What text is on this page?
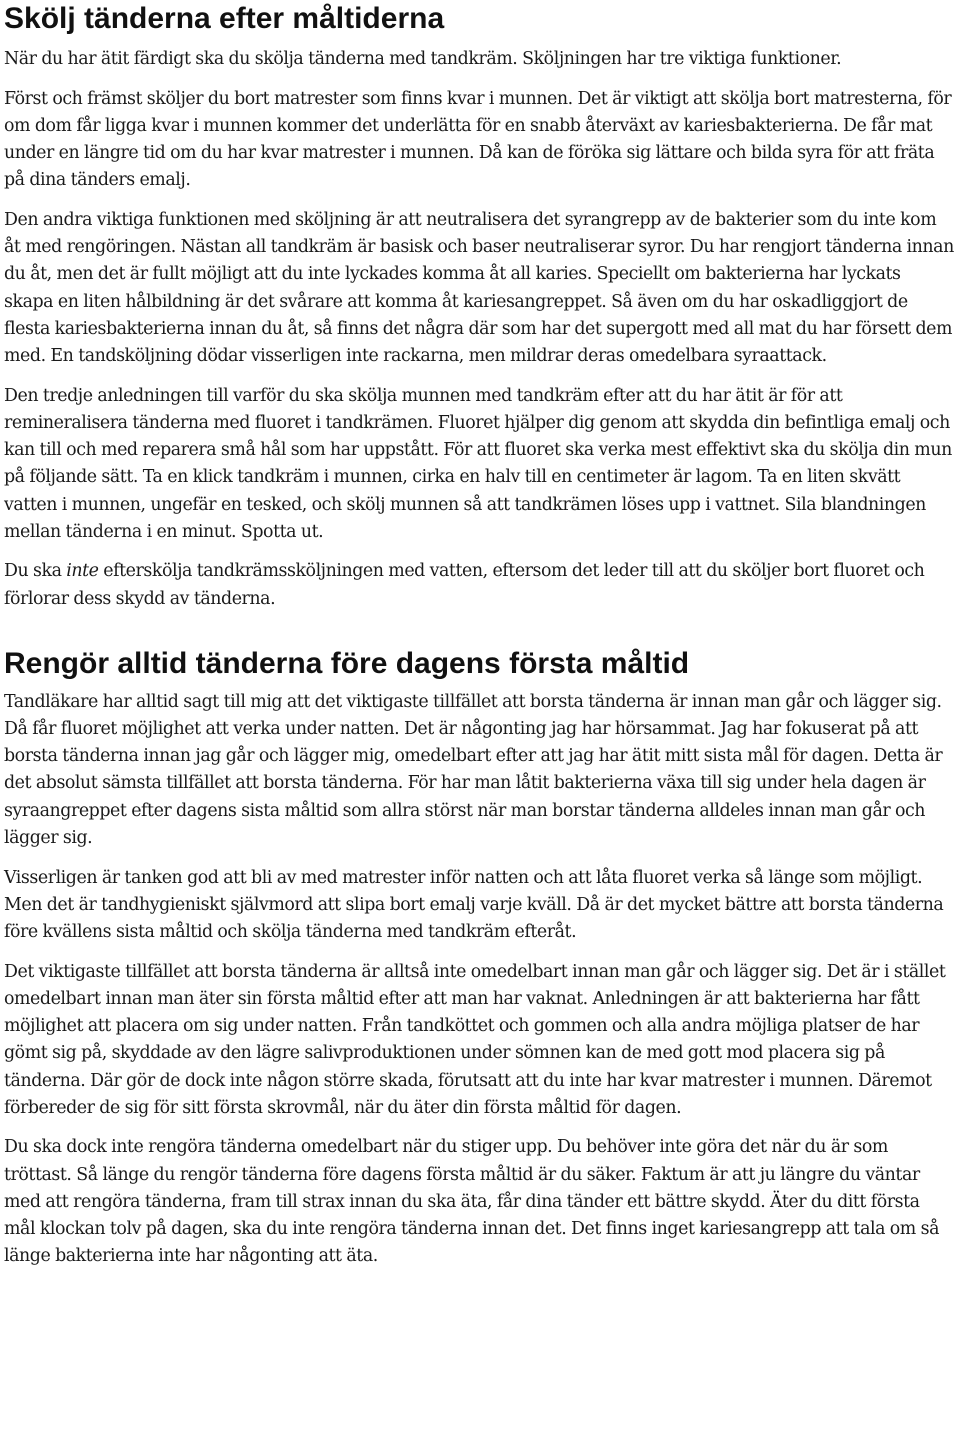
Skölj tänderna efter måltiderna

När du har ätit färdigt ska du skölja tänderna med tandkräm. Sköljningen har tre viktiga funktioner.

Först och främst sköljer du bort matrester som finns kvar i munnen. Det är viktigt att skölja bort matresterna, för om dom får ligga kvar i munnen kommer det underlätta för en snabb återväxt av kariesbakterierna. De får mat under en längre tid om du har kvar matrester i munnen. Då kan de föröka sig lättare och bilda syra för att fräta på dina tänders emalj.

Den andra viktiga funktionen med sköljning är att neutralisera det syrangrepp av de bakterier som du inte kom åt med rengöringen. Nästan all tandkräm är basisk och baser neutraliserar syror. Du har rengjort tänderna innan du åt, men det är fullt möjligt att du inte lyckades komma åt all karies. Speciellt om bakterierna har lyckats skapa en liten hålbildning är det svårare att komma åt kariesangreppet. Så även om du har oskadliggjort de flesta kariesbakterierna innan du åt, så finns det några där som har det supergott med all mat du har försett dem med. En tandsköljning dödar visserligen inte rackarna, men mildrar deras omedelbara syraattack.

Den tredje anledningen till varför du ska skölja munnen med tandkräm efter att du har ätit är för att remineralisera tänderna med fluoret i tandkrämen. Fluoret hjälper dig genom att skydda din befintliga emalj och kan till och med reparera små hål som har uppstått. För att fluoret ska verka mest effektivt ska du skölja din mun på följande sätt. Ta en klick tandkräm i munnen, cirka en halv till en centimeter är lagom. Ta en liten skvätt vatten i munnen, ungefär en tesked, och skölj munnen så att tandkrämen löses upp i vattnet. Sila blandningen mellan tänderna i en minut. Spotta ut.

Du ska inte efterskölja tandkrämssköljningen med vatten, eftersom det leder till att du sköljer bort fluoret och förlorar dess skydd av tänderna.

Rengör alltid tänderna före dagens första måltid

Tandläkare har alltid sagt till mig att det viktigaste tillfället att borsta tänderna är innan man går och lägger sig. Då får fluoret möjlighet att verka under natten. Det är någonting jag har hörsammat. Jag har fokuserat på att borsta tänderna innan jag går och lägger mig, omedelbart efter att jag har ätit mitt sista mål för dagen. Detta är det absolut sämsta tillfället att borsta tänderna. För har man låtit bakterierna växa till sig under hela dagen är syraangreppet efter dagens sista måltid som allra störst när man borstar tänderna alldeles innan man går och lägger sig.

Visserligen är tanken god att bli av med matrester inför natten och att låta fluoret verka så länge som möjligt. Men det är tandhygieniskt självmord att slipa bort emalj varje kväll. Då är det mycket bättre att borsta tänderna före kvällens sista måltid och skölja tänderna med tandkräm efteråt.

Det viktigaste tillfället att borsta tänderna är alltså inte omedelbart innan man går och lägger sig. Det är i stället omedelbart innan man äter sin första måltid efter att man har vaknat. Anledningen är att bakterierna har fått möjlighet att placera om sig under natten. Från tandköttet och gommen och alla andra möjliga platser de har gömt sig på, skyddade av den lägre salivproduktionen under sömnen kan de med gott mod placera sig på tänderna. Där gör de dock inte någon större skada, förutsatt att du inte har kvar matrester i munnen. Däremot förbereder de sig för sitt första skrovmål, när du äter din första måltid för dagen.

Du ska dock inte rengöra tänderna omedelbart när du stiger upp. Du behöver inte göra det när du är som tröttast. Så länge du rengör tänderna före dagens första måltid är du säker. Faktum är att ju längre du väntar med att rengöra tänderna, fram till strax innan du ska äta, får dina tänder ett bättre skydd. Äter du ditt första mål klockan tolv på dagen, ska du inte rengöra tänderna innan det. Det finns inget kariesangrepp att tala om så länge bakterierna inte har någonting att äta.
